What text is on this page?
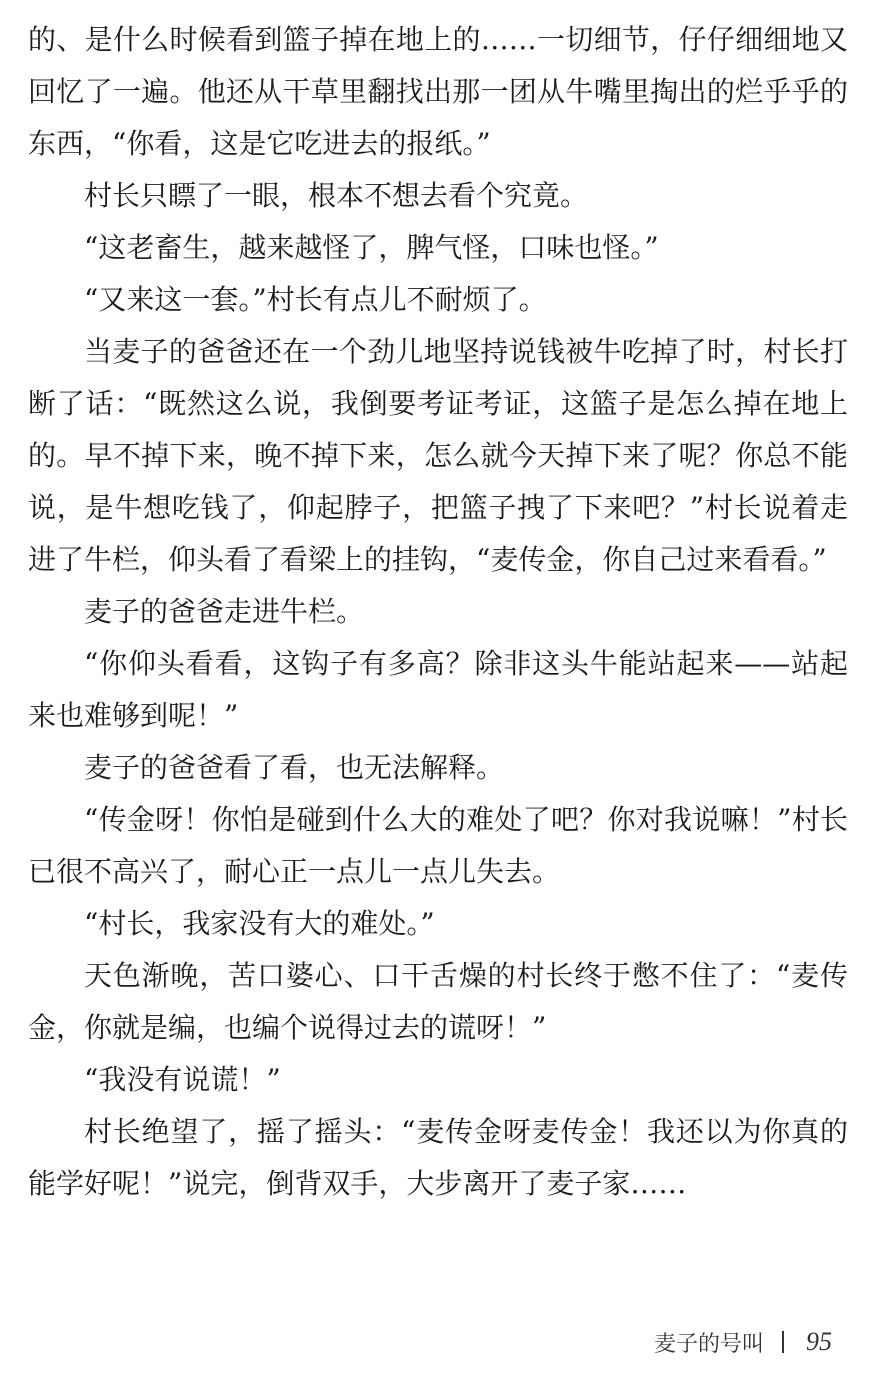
的、是什么时候看到篮子掉在地上的……一切细节，仔仔细细地又回忆了一遍。他还从干草里翻找出那一团从牛嘴里掏出的烂乎乎的东西，“你看，这是它吃进去的报纸。”

村长只瞟了一眼，根本不想去看个究竟。

“这老畜生，越来越怪了，脾气怪，口味也怪。”

“又来这一套。”村长有点儿不耐烦了。

当麦子的爸爸还在一个劲儿地坚持说钱被牛吃掉了时，村长打断了话：“既然这么说，我倒要考证考证，这篮子是怎么掉在地上的。早不掉下来，晚不掉下来，怎么就今天掉下来了呢？你总不能说，是牛想吃钱了，仰起脖子，把篮子拽了下来吧？”村长说着走进了牛栏，仰头看了看梁上的挂钩，“麦传金，你自己过来看看。”

麦子的爸爸走进牛栏。

“你仰头看看，这钩子有多高？除非这头牛能站起来——站起来也难够到呢！”

麦子的爸爸看了看，也无法解释。

“传金呀！你怕是碰到什么大的难处了吧？你对我说嘛！”村长已很不高兴了，耐心正一点儿一点儿失去。

“村长，我家没有大的难处。”

天色渐晚，苦口婆心、口干舌燥的村长终于憋不住了：“麦传金，你就是编，也编个说得过去的谎呀！”

“我没有说谎！”

村长绝望了，摇了摇头：“麦传金呀麦传金！我还以为你真的能学好呢！”说完，倒背双手，大步离开了麦子家……

麦子的号叫 95
